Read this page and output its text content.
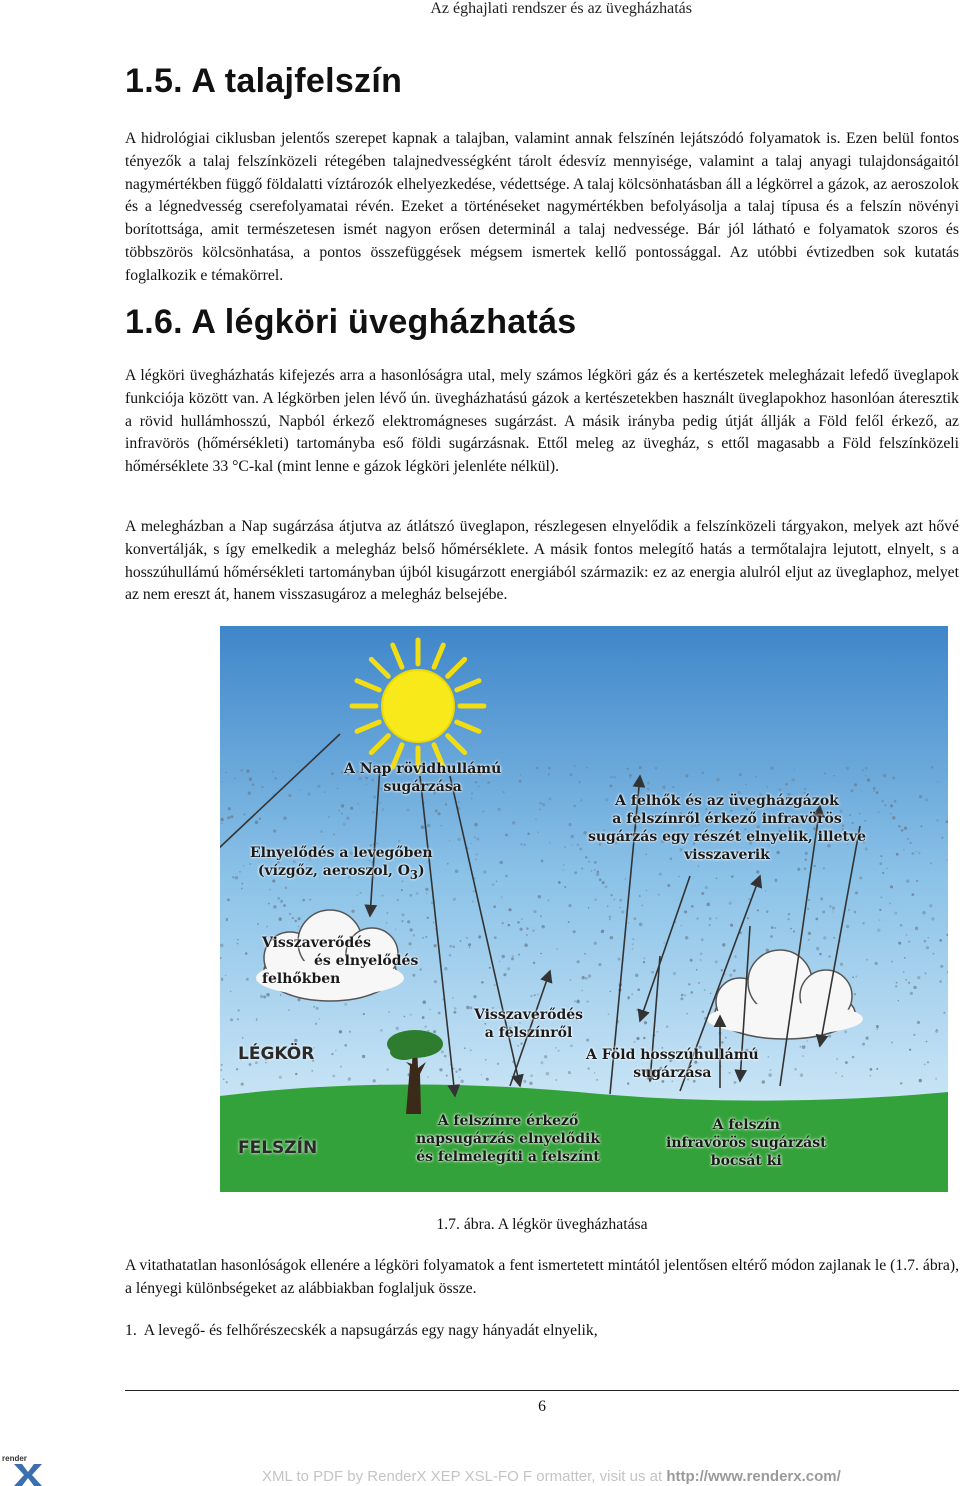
Az éghajlati rendszer és az üvegházhatás
1.5. A talajfelszín

A hidrológiai ciklusban jelentős szerepet kapnak a talajban, valamint annak felszínén lejátszódó folyamatok is. Ezen belül fontos tényezők a talaj felszínközeli rétegében talajnedvességként tárolt édesvíz mennyisége, valamint a talaj anyagi tulajdonságaitól nagymértékben függő földalatti víztározók elhelyezkedése, védettsége. A talaj kölcsönhatásban áll a légkörrel a gázok, az aeroszolok és a légnedvesség cserefolyamatai révén. Ezeket a történéseket nagymértékben befolyásolja a talaj típusa és a felszín növényi borítottsága, amit természetesen ismét nagyon erősen determinál a talaj nedvessége. Bár jól látható e folyamatok szoros és többszörös kölcsönhatása, a pontos összefüggések mégsem ismertek kellő pontossággal. Az utóbbi évtizedben sok kutatás foglalkozik e témakörrel.

1.6. A légköri üvegházhatás

A légköri üvegházhatás kifejezés arra a hasonlóságra utal, mely számos légköri gáz és a kertészetek melegházait lefedő üveglapok funkciója között van. A légkörben jelen lévő ún. üvegházhatású gázok a kertészetekben használt üveglapokhoz hasonlóan áteresztik a rövid hullámhosszú, Napból érkező elektromágneses sugárzást. A másik irányba pedig útját állják a Föld felől érkező, az infravörös (hőmérsékleti) tartományba eső földi sugárzásnak. Ettől meleg az üvegház, s ettől magasabb a Föld felszínközeli hőmérséklete 33 °C-kal (mint lenne e gázok légköri jelenléte nélkül).

A melegházban a Nap sugárzása átjutva az átlátszó üveglapon, részlegesen elnyelődik a felszínközeli tárgyakon, melyek azt hővé konvertálják, s így emelkedik a melegház belső hőmérséklete. A másik fontos melegítő hatás a termőtalajra lejutott, elnyelt, s a hosszúhullámú hőmérsékleti tartományban újból kisugárzott energiából származik: ez az energia alulról eljut az üveglaphoz, melyet az nem ereszt át, hanem visszasugároz a melegház belsejébe.

A Nap rövidhullámú
sugárzása
A felhők és az üvegházgázok
a felszínről érkező infravörös
sugárzás egy részét elnyelik, illetve
visszaverik
Elnyelődés a levegőben
(vízgőz, aeroszol, $O_3$)
Visszaverődés
és elnyelődés
felhőkben
Visszaverődés
a felszínről
LÉGKÖR	A Föld hosszúhullámú
sugárzása
A felszínre érkező
napsugárzás elnyelődik
és felmelegíti a felszínt
FELSZÍN
A felszín
infravörös sugárzást
bocsát ki
1.7. ábra. A légkör üvegházhatása

A vitathatatlan hasonlóságok ellenére a légköri folyamatok a fent ismertetett mintától jelentősen eltérő módon zajlanak le (1.7. ábra), a lényegi különbségeket az alábbiakban foglaljuk össze.

1.  A levegő- és felhőrészecskék a napsugárzás egy nagy hányadát elnyelik,

6
render
XML to PDF by RenderX XEP XSL-FO F ormatter, visit us at http://www.renderx.com/
